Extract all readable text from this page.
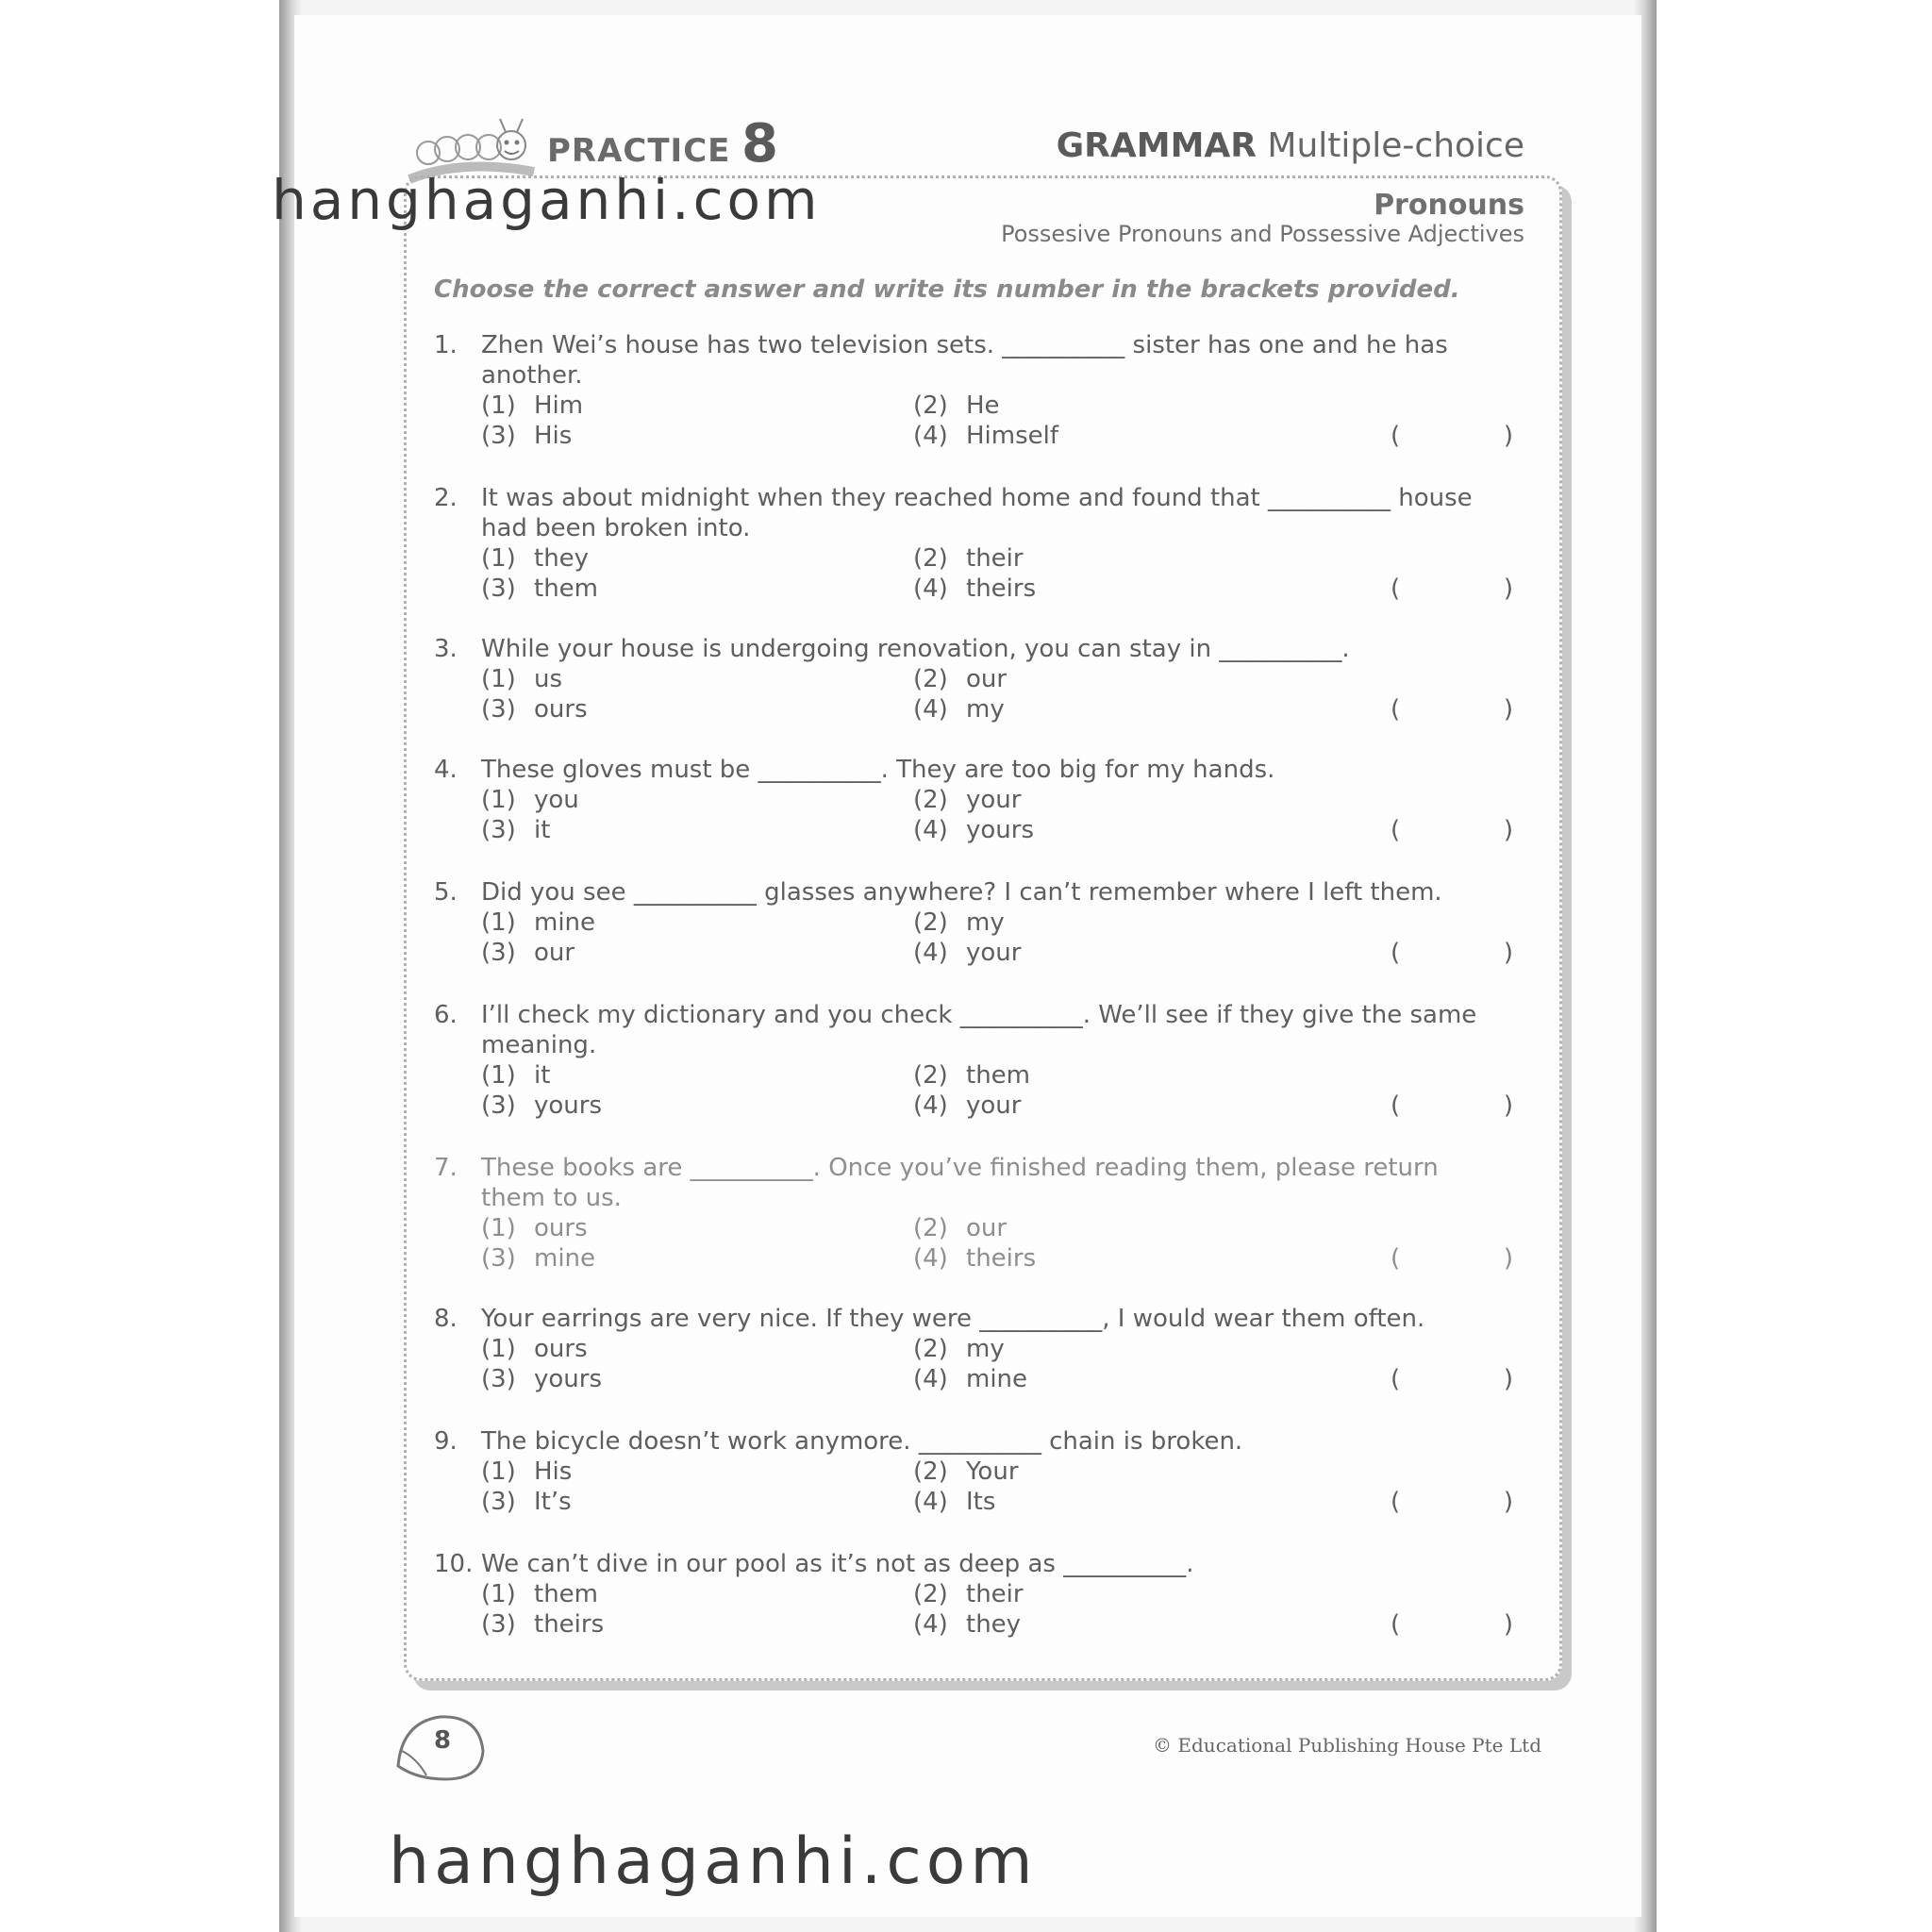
PRACTICE 8	GRAMMAR Multiple-choice
Pronouns
Possesive Pronouns and Possessive Adjectives
Choose the correct answer and write its number in the brackets provided.
1. Zhen Wei’s house has two television sets. __________ sister has one and he has another.
(1) Him	(2) He
(3) His	(4) Himself	(	)
2. It was about midnight when they reached home and found that __________ house had been broken into.
(1) they	(2) their
(3) them	(4) theirs	(	)
3. While your house is undergoing renovation, you can stay in __________.
(1) us	(2) our
(3) ours	(4) my	(	)
4. These gloves must be __________. They are too big for my hands.
(1) you	(2) your
(3) it	(4) yours	(	)
5. Did you see __________ glasses anywhere? I can’t remember where I left them.
(1) mine	(2) my
(3) our	(4) your	(	)
6. I’ll check my dictionary and you check __________. We’ll see if they give the same meaning.
(1) it	(2) them
(3) yours	(4) your	(	)
7. These books are __________. Once you’ve finished reading them, please return them to us.
(1) ours	(2) our
(3) mine	(4) theirs	(	)
8. Your earrings are very nice. If they were __________, I would wear them often.
(1) ours	(2) my
(3) yours	(4) mine	(	)
9. The bicycle doesn’t work anymore. __________ chain is broken.
(1) His	(2) Your
(3) It’s	(4) Its	(	)
10. We can’t dive in our pool as it’s not as deep as __________.
(1) them	(2) their
(3) theirs	(4) they	(	)
8	© Educational Publishing House Pte Ltd
hanghaganhi.com
hanghaganhi.com
